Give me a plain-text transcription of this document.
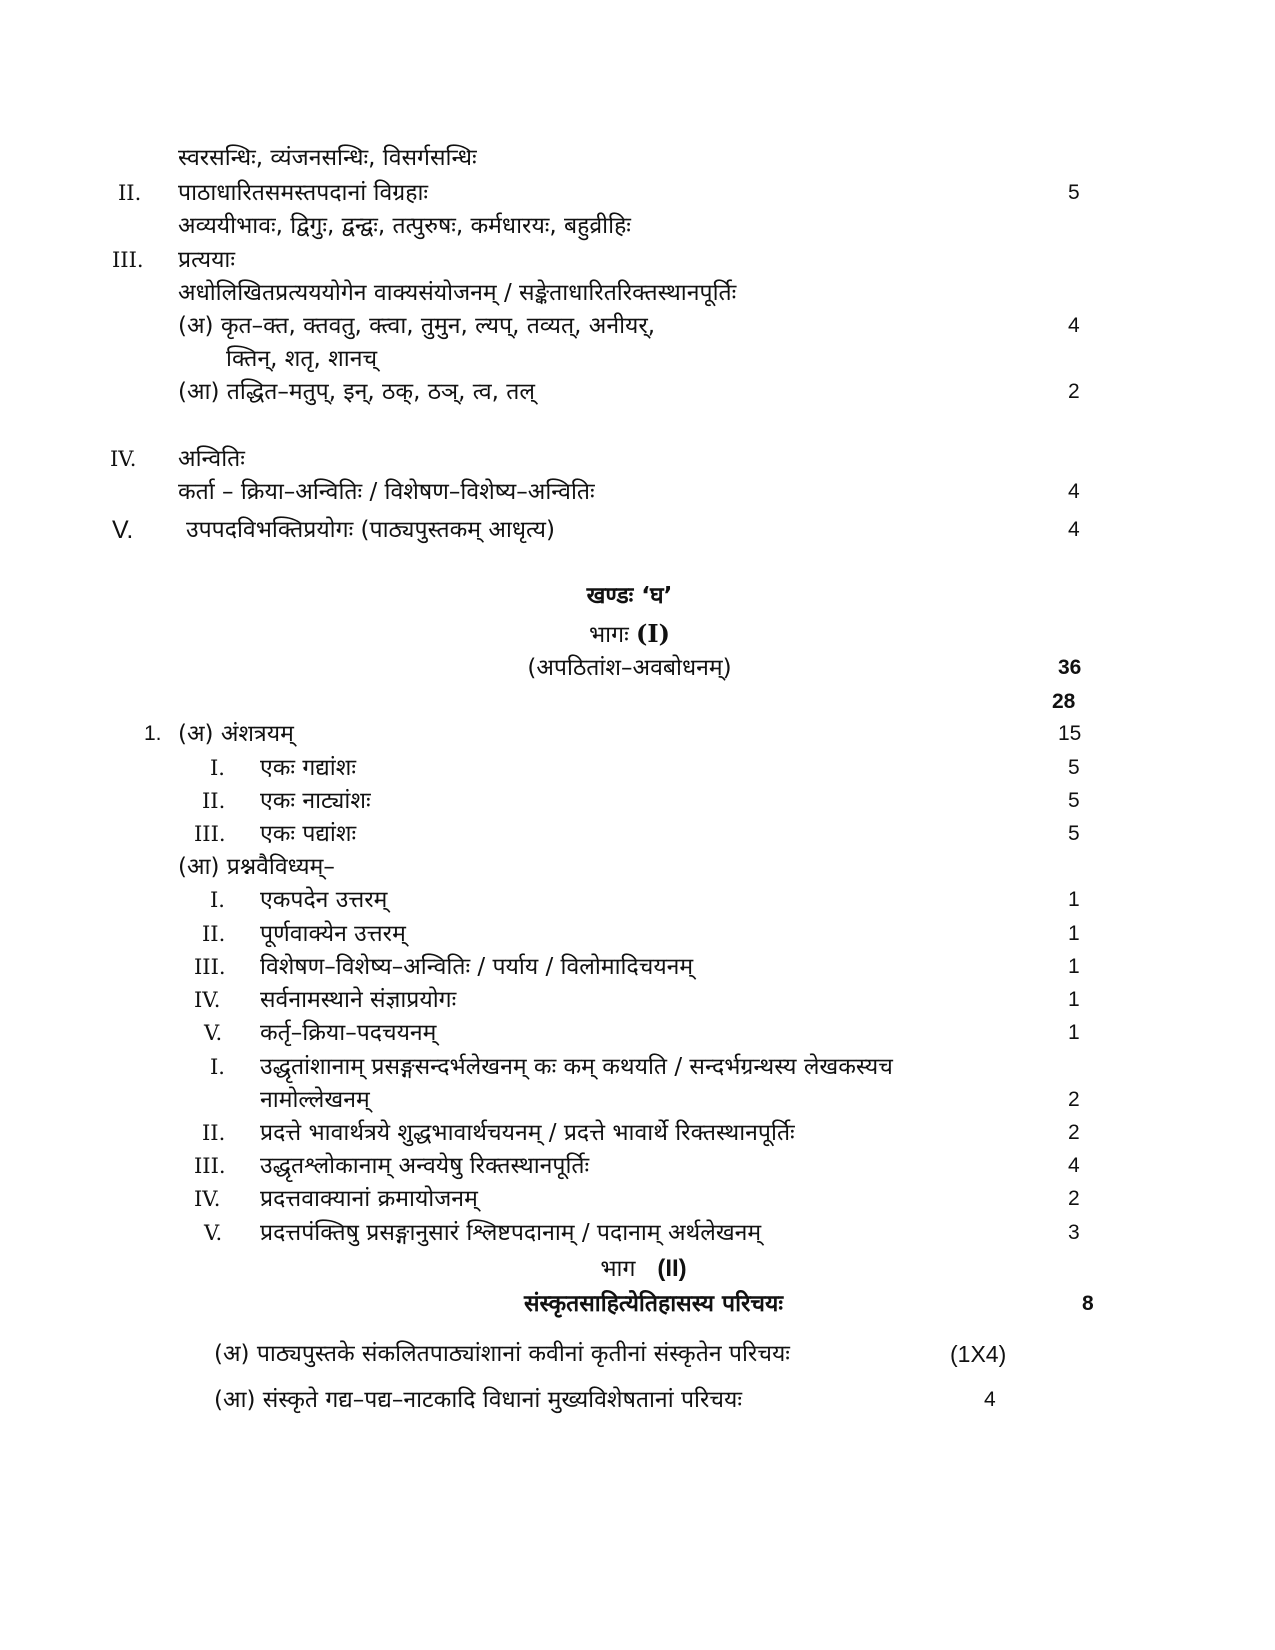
स्वरसन्धिः, व्यंजनसन्धिः, विसर्गसन्धिः
II. पाठाधारितसमस्तपदानां विग्रहाः	5
अव्ययीभावः, द्विगुः, द्वन्द्वः, तत्पुरुषः, कर्मधारयः, बहुव्रीहिः
III. प्रत्ययाः
अधोलिखितप्रत्यययोगेन वाक्यसंयोजनम् / सङ्केताधारितरिक्तस्थानपूर्तिः
(अ) कृत–क्त, क्तवतु, क्त्वा, तुमुन, ल्यप्, तव्यत्, अनीयर्,	4
क्तिन्, शतृ, शानच्
(आ) तद्धित–मतुप्, इन्, ठक्, ठञ्, त्व, तल्	2
IV. अन्वितिः
कर्ता – क्रिया–अन्वितिः / विशेषण–विशेष्य–अन्वितिः	4
V. उपपदविभक्तिप्रयोगः (पाठ्यपुस्तकम् आधृत्य)	4
खण्डः ‘घ’
भागः (I)
(अपठितांश–अवबोधनम्)	36
28
1. (अ) अंशत्रयम्	15
I. एकः गद्यांशः	5
II. एकः नाट्यांशः	5
III. एकः पद्यांशः	5
(आ) प्रश्नवैविध्यम्–
I. एकपदेन उत्तरम्	1
II. पूर्णवाक्येन उत्तरम्	1
III. विशेषण–विशेष्य–अन्वितिः / पर्याय / विलोमादिचयनम्	1
IV. सर्वनामस्थाने संज्ञाप्रयोगः	1
V. कर्तृ–क्रिया–पदचयनम्	1
I. उद्धृतांशानाम् प्रसङ्गसन्दर्भलेखनम् कः कम् कथयति / सन्दर्भग्रन्थस्य लेखकस्यच
नामोल्लेखनम्	2
II. प्रदत्ते भावार्थत्रये शुद्धभावार्थचयनम् / प्रदत्ते भावार्थे रिक्तस्थानपूर्तिः	2
III. उद्धृतश्लोकानाम् अन्वयेषु रिक्तस्थानपूर्तिः	4
IV. प्रदत्तवाक्यानां क्रमायोजनम्	2
V. प्रदत्तपंक्तिषु प्रसङ्गानुसारं श्लिष्टपदानाम् / पदानाम् अर्थलेखनम्	3
भाग (II)
संस्कृतसाहित्येतिहासस्य परिचयः	8
(अ) पाठ्यपुस्तके संकलितपाठ्यांशानां कवीनां कृतीनां संस्कृतेन परिचयः	(1X4)
(आ) संस्कृते गद्य–पद्य–नाटकादि विधानां मुख्यविशेषतानां परिचयः	4
